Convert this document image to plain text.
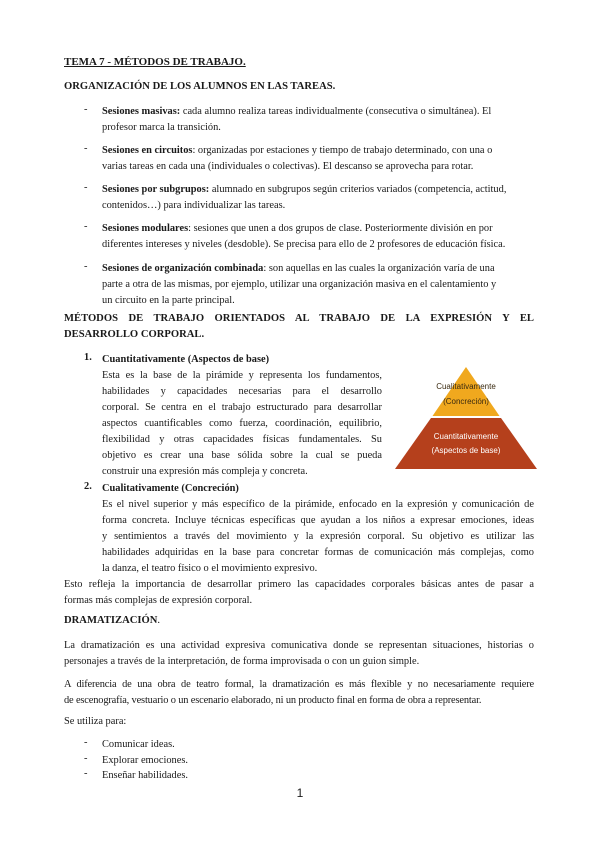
TEMA 7 - MÉTODOS DE TRABAJO.
ORGANIZACIÓN DE LOS ALUMNOS EN LAS TAREAS.
- Sesiones masivas: cada alumno realiza tareas individualmente (consecutiva o simultánea). El
profesor marca la transición.
- Sesiones en circuitos: organizadas por estaciones y tiempo de trabajo determinado, con una o
varias tareas en cada una (individuales o colectivas). El descanso se aprovecha para rotar.
- Sesiones por subgrupos: alumnado en subgrupos según criterios variados (competencia, actitud,
contenidos…) para individualizar las tareas.
- Sesiones modulares: sesiones que unen a dos grupos de clase. Posteriormente división en por
diferentes intereses y niveles (desdoble). Se precisa para ello de 2 profesores de educación física.
- Sesiones de organización combinada: son aquellas en las cuales la organización varía de una
parte a otra de las mismas, por ejemplo, utilizar una organización masiva en el calentamiento y
un circuito en la parte principal.
MÉTODOS DE TRABAJO ORIENTADOS AL TRABAJO DE LA EXPRESIÓN Y EL
DESARROLLO CORPORAL.
1. Cuantitativamente (Aspectos de base)
Esta es la base de la pirámide y representa los fundamentos,
habilidades y capacidades necesarias para el desarrollo
corporal. Se centra en el trabajo estructurado para desarrollar
aspectos cuantificables como fuerza, coordinación, equilibrio,
flexibilidad y otras capacidades físicas fundamentales. Su
objetivo es crear una base sólida sobre la cual se pueda
construir una expresión más compleja y concreta.
Cualitativamente
(Concreción)
Cuantitativamente
(Aspectos de base)
2. Cualitativamente (Concreción)
Es el nivel superior y más específico de la pirámide, enfocado en la expresión y comunicación de
forma concreta. Incluye técnicas específicas que ayudan a los niños a expresar emociones, ideas
y sentimientos a través del movimiento y la expresión corporal. Su objetivo es utilizar las
habilidades adquiridas en la base para concretar formas de comunicación más complejas, como
la danza, el teatro físico o el movimiento expresivo.
Esto refleja la importancia de desarrollar primero las capacidades corporales básicas antes de pasar a
formas más complejas de expresión corporal.
DRAMATIZACIÓN.
La dramatización es una actividad expresiva comunicativa donde se representan situaciones, historias o
personajes a través de la interpretación, de forma improvisada o con un guion simple.
A diferencia de una obra de teatro formal, la dramatización es más flexible y no necesariamente requiere
de escenografía, vestuario o un escenario elaborado, ni un producto final en forma de obra a representar.
Se utiliza para:
- Comunicar ideas.
- Explorar emociones.
- Enseñar habilidades.
1
